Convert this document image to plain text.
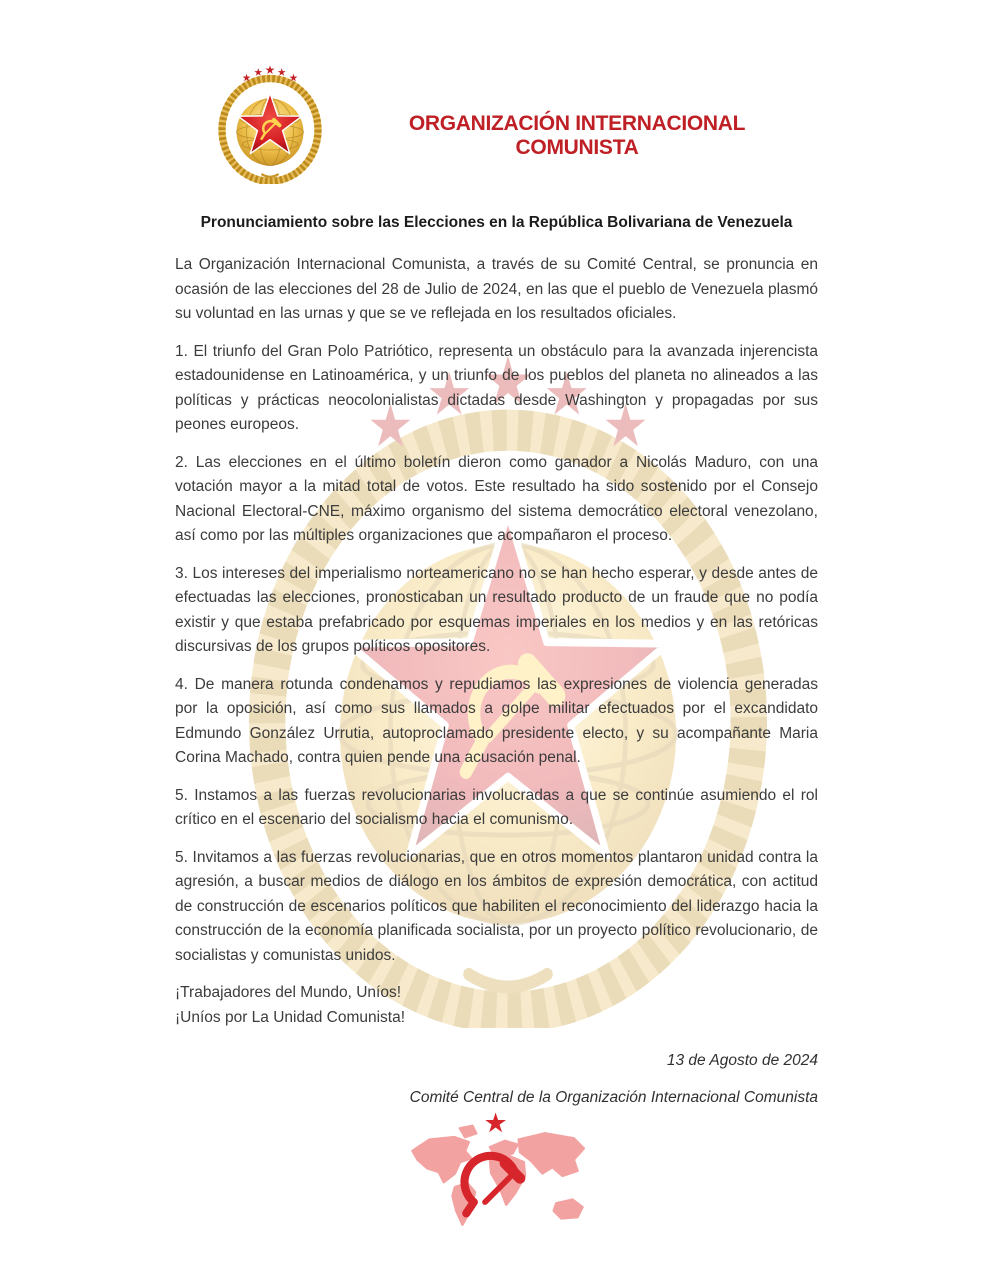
ORGANIZACIÓN INTERNACIONAL COMUNISTA
Pronunciamiento sobre las Elecciones en la República Bolivariana de Venezuela

La Organización Internacional Comunista, a través de su Comité Central, se pronuncia en ocasión de las elecciones del 28 de Julio de 2024, en las que el pueblo de Venezuela plasmó su voluntad en las urnas y que se ve reflejada en los resultados oficiales.

1. El triunfo del Gran Polo Patriótico, representa un obstáculo para la avanzada injerencista estadounidense en Latinoamérica, y un triunfo de los pueblos del planeta no alineados a las políticas y prácticas neocolonialistas dictadas desde Washington y propagadas por sus peones europeos.

2. Las elecciones en el último boletín dieron como ganador a Nicolás Maduro, con una votación mayor a la mitad total de votos. Este resultado ha sido sostenido por el Consejo Nacional Electoral-CNE, máximo organismo del sistema democrático electoral venezolano, así como por las múltiples organizaciones que acompañaron el proceso.

3. Los intereses del imperialismo norteamericano no se han hecho esperar, y desde antes de efectuadas las elecciones, pronosticaban un resultado producto de un fraude que no podía existir y que estaba prefabricado por esquemas imperiales en los medios y en las retóricas discursivas de los grupos políticos opositores.

4. De manera rotunda condenamos y repudiamos las expresiones de violencia generadas por la oposición, así como sus llamados a golpe militar efectuados por el excandidato Edmundo González Urrutia, autoproclamado presidente electo, y su acompañante Maria Corina Machado, contra quien pende una acusación penal.

5. Instamos a las fuerzas revolucionarias involucradas a que se continúe asumiendo el rol crítico en el escenario del socialismo hacia el comunismo.

5. Invitamos a las fuerzas revolucionarias, que en otros momentos plantaron unidad contra la agresión, a buscar medios de diálogo en los ámbitos de expresión democrática, con actitud de construcción de escenarios políticos que habiliten el reconocimiento del liderazgo hacia la construcción de la economía planificada socialista, por un proyecto político revolucionario, de socialistas y comunistas unidos.

¡Trabajadores del Mundo, Uníos!

¡Uníos por La Unidad Comunista!

13 de Agosto de 2024
Comité Central de la Organización Internacional Comunista
